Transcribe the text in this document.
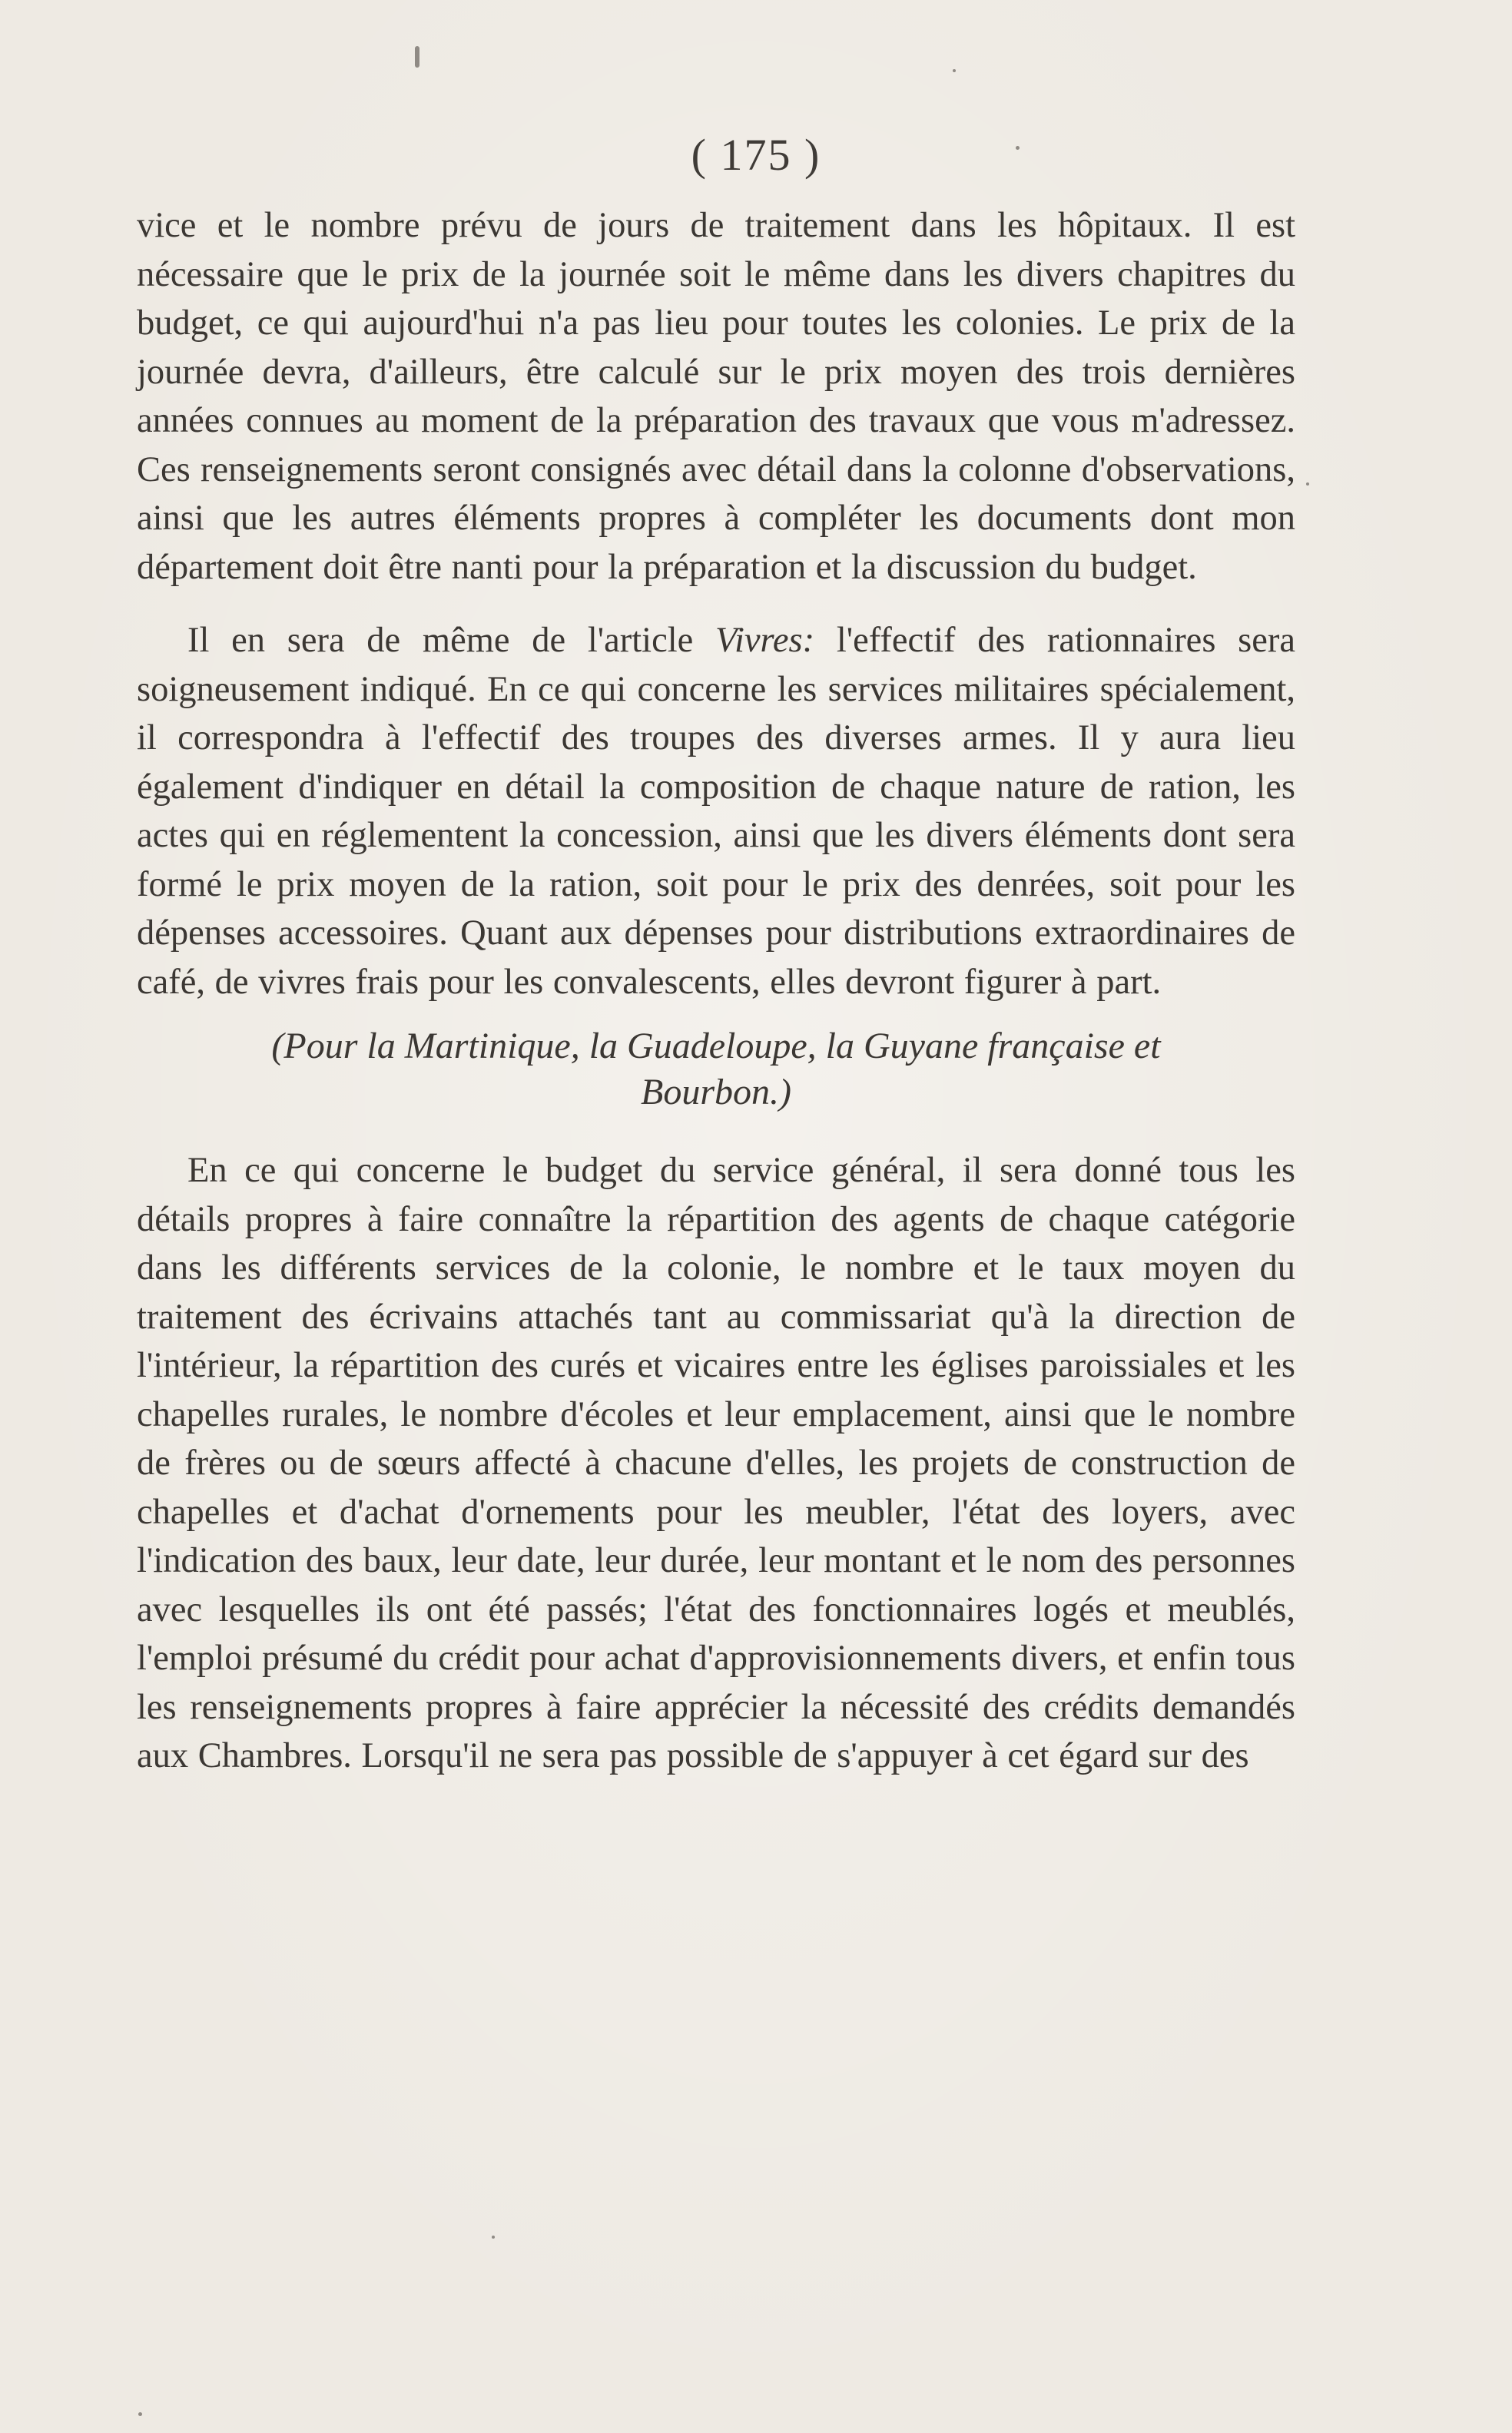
( 175 )

vice et le nombre prévu de jours de traitement dans les hôpitaux. Il est nécessaire que le prix de la journée soit le même dans les divers chapitres du budget, ce qui aujourd'hui n'a pas lieu pour toutes les colonies. Le prix de la journée devra, d'ailleurs, être calculé sur le prix moyen des trois dernières années connues au moment de la préparation des travaux que vous m'adressez. Ces renseignements seront consignés avec détail dans la colonne d'observations, ainsi que les autres éléments propres à compléter les documents dont mon département doit être nanti pour la préparation et la discussion du budget.

Il en sera de même de l'article Vivres: l'effectif des rationnaires sera soigneusement indiqué. En ce qui concerne les services militaires spécialement, il correspondra à l'effectif des troupes des diverses armes. Il y aura lieu également d'indiquer en détail la composition de chaque nature de ration, les actes qui en réglementent la concession, ainsi que les divers éléments dont sera formé le prix moyen de la ration, soit pour le prix des denrées, soit pour les dépenses accessoires. Quant aux dépenses pour distributions extraordinaires de café, de vivres frais pour les convalescents, elles devront figurer à part.

(Pour la Martinique, la Guadeloupe, la Guyane française et
Bourbon.)

En ce qui concerne le budget du service général, il sera donné tous les détails propres à faire connaître la répartition des agents de chaque catégorie dans les différents services de la colonie, le nombre et le taux moyen du traitement des écrivains attachés tant au commissariat qu'à la direction de l'intérieur, la répartition des curés et vicaires entre les églises paroissiales et les chapelles rurales, le nombre d'écoles et leur emplacement, ainsi que le nombre de frères ou de sœurs affecté à chacune d'elles, les projets de construction de chapelles et d'achat d'ornements pour les meubler, l'état des loyers, avec l'indication des baux, leur date, leur durée, leur montant et le nom des personnes avec lesquelles ils ont été passés; l'état des fonctionnaires logés et meublés, l'emploi présumé du crédit pour achat d'approvisionnements divers, et enfin tous les renseignements propres à faire apprécier la nécessité des crédits demandés aux Chambres. Lorsqu'il ne sera pas possible de s'appuyer à cet égard sur des
